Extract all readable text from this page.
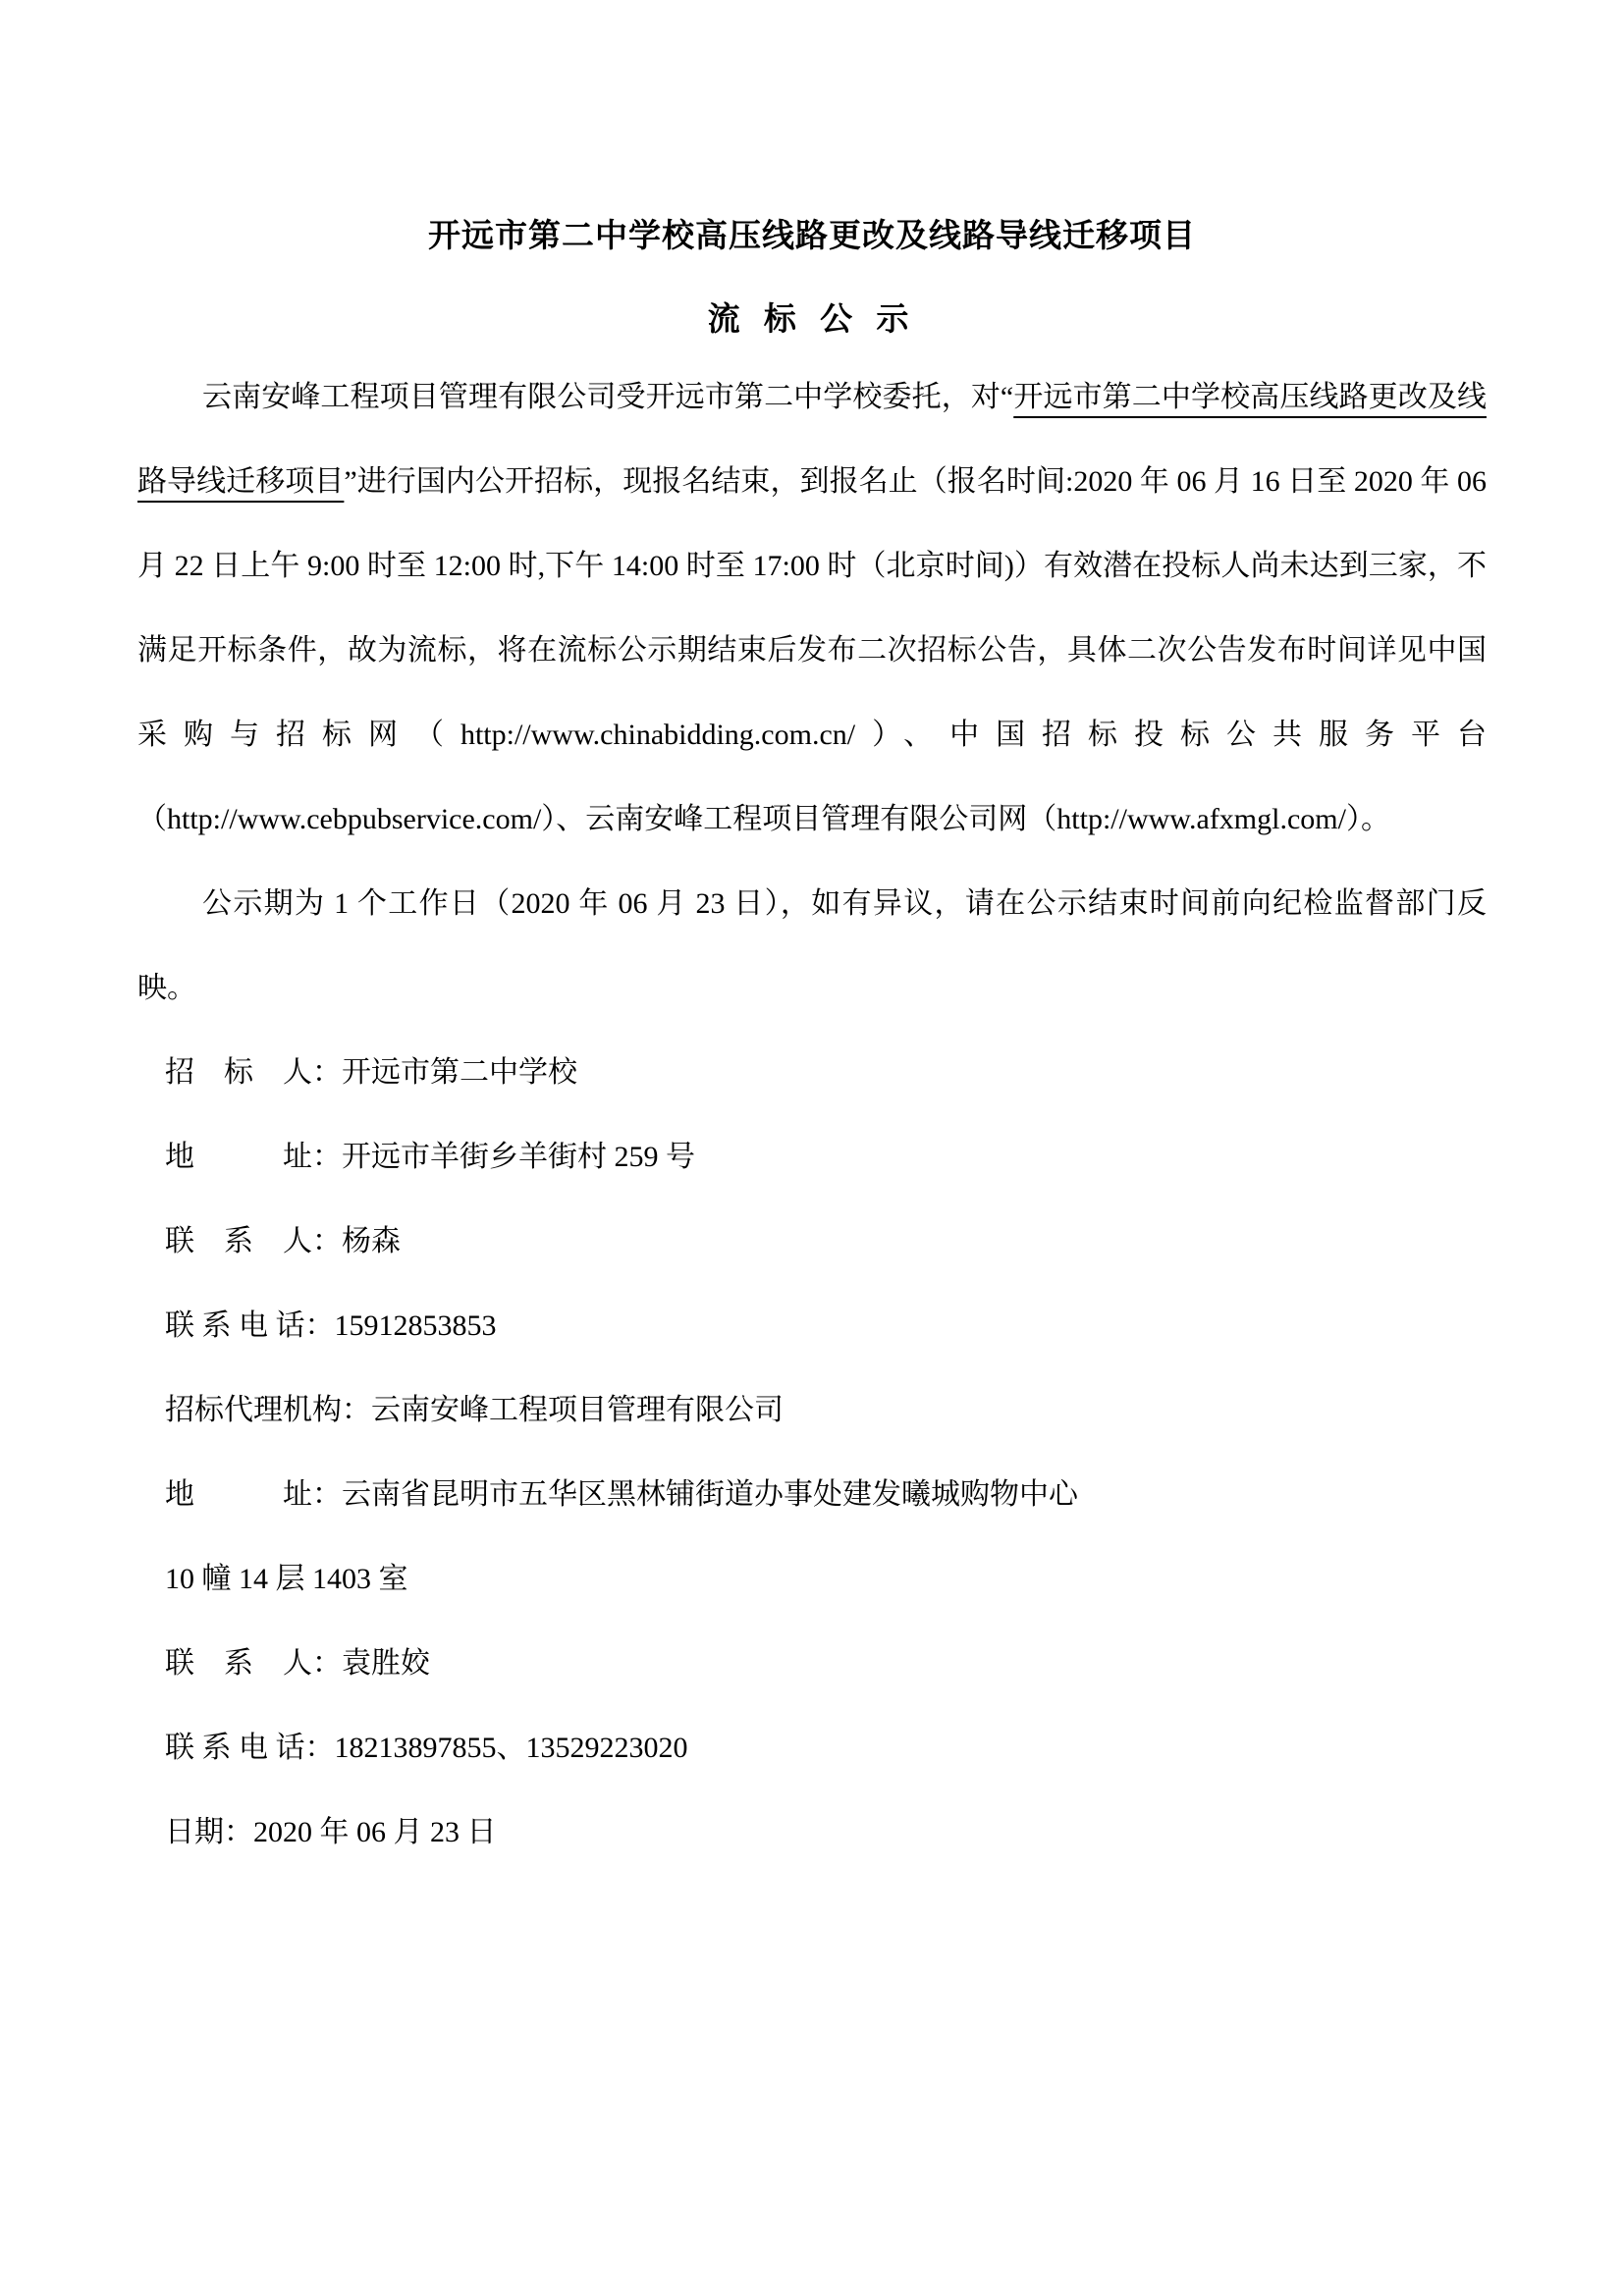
开远市第二中学校高压线路更改及线路导线迁移项目
流 标 公 示

云南安峰工程项目管理有限公司受开远市第二中学校委托，对“开远市第二中学校高压线路更改及线路导线迁移项目”进行国内公开招标，现报名结束，到报名止（报名时间:2020 年 06 月 16 日至 2020 年 06 月 22 日上午 9:00 时至 12:00 时,下午 14:00 时至 17:00 时（北京时间)）有效潜在投标人尚未达到三家，不满足开标条件，故为流标，将在流标公示期结束后发布二次招标公告，具体二次公告发布时间详见中国采购与招标网（http://www.chinabidding.com.cn/）、中国招标投标公共服务平台（http://www.cebpubservice.com/）、云南安峰工程项目管理有限公司网（http://www.afxmgl.com/）。

公示期为 1 个工作日（2020 年 06 月 23 日），如有异议，请在公示结束时间前向纪检监督部门反映。

招　标　人：开远市第二中学校
地　　　址：开远市羊街乡羊街村 259 号
联　系　人：杨森
联 系 电 话：15912853853
招标代理机构：云南安峰工程项目管理有限公司
地　　　址：云南省昆明市五华区黑林铺街道办事处建发曦城购物中心
10 幢 14 层 1403 室
联　系　人：袁胜姣
联 系 电 话：18213897855、13529223020
日期：2020 年 06 月 23 日
